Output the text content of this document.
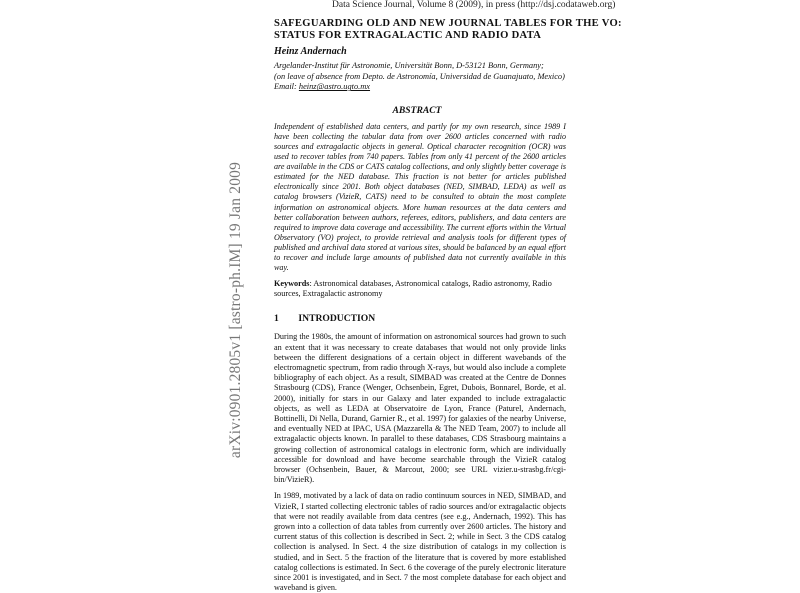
Data Science Journal, Volume 8 (2009), in press (http://dsj.codataweb.org)
arXiv:0901.2805v1 [astro-ph.IM] 19 Jan 2009
SAFEGUARDING OLD AND NEW JOURNAL TABLES FOR THE VO:
STATUS FOR EXTRAGALACTIC AND RADIO DATA
Heinz Andernach
Argelander-Institut für Astronomie, Universität Bonn, D-53121 Bonn, Germany;
(on leave of absence from Depto. de Astronomía, Universidad de Guanajuato, Mexico)
Email: heinz@astro.ugto.mx
ABSTRACT
Independent of established data centers, and partly for my own research, since 1989 I have been collecting the tabular data from over 2600 articles concerned with radio sources and extragalactic objects in general. Optical character recognition (OCR) was used to recover tables from 740 papers. Tables from only 41 percent of the 2600 articles are available in the CDS or CATS catalog collections, and only slightly better coverage is estimated for the NED database. This fraction is not better for articles published electronically since 2001. Both object databases (NED, SIMBAD, LEDA) as well as catalog browsers (VizieR, CATS) need to be consulted to obtain the most complete information on astronomical objects. More human resources at the data centers and better collaboration between authors, referees, editors, publishers, and data centers are required to improve data coverage and accessibility. The current efforts within the Virtual Observatory (VO) project, to provide retrieval and analysis tools for different types of published and archival data stored at various sites, should be balanced by an equal effort to recover and include large amounts of published data not currently available in this way.
Keywords: Astronomical databases, Astronomical catalogs, Radio astronomy, Radio sources, Extragalactic astronomy
1 INTRODUCTION
During the 1980s, the amount of information on astronomical sources had grown to such an extent that it was necessary to create databases that would not only provide links between the different designations of a certain object in different wavebands of the electromagnetic spectrum, from radio through X-rays, but would also include a complete bibliography of each object. As a result, SIMBAD was created at the Centre de Donnes Strasbourg (CDS), France (Wenger, Ochsenbein, Egret, Dubois, Bonnarel, Borde, et al. 2000), initially for stars in our Galaxy and later expanded to include extragalactic objects, as well as LEDA at Observatoire de Lyon, France (Paturel, Andernach, Bottinelli, Di Nella, Durand, Garnier R., et al. 1997) for galaxies of the nearby Universe, and eventually NED at IPAC, USA (Mazzarella & The NED Team, 2007) to include all extragalactic objects known. In parallel to these databases, CDS Strasbourg maintains a growing collection of astronomical catalogs in electronic form, which are individually accessible for download and have become searchable through the VizieR catalog browser (Ochsenbein, Bauer, & Marcout, 2000; see URL vizier.u-strasbg.fr/cgi-bin/VizieR).
In 1989, motivated by a lack of data on radio continuum sources in NED, SIMBAD, and VizieR, I started collecting electronic tables of radio sources and/or extragalactic objects that were not readily available from data centres (see e.g., Andernach, 1992). This has grown into a collection of data tables from currently over 2600 articles. The history and current status of this collection is described in Sect. 2; while in Sect. 3 the CDS catalog collection is analysed. In Sect. 4 the size distribution of catalogs in my collection is studied, and in Sect. 5 the fraction of the literature that is covered by more established catalog collections is estimated. In Sect. 6 the coverage of the purely electronic literature since 2001 is investigated, and in Sect. 7 the most complete database for each object and waveband is given.
